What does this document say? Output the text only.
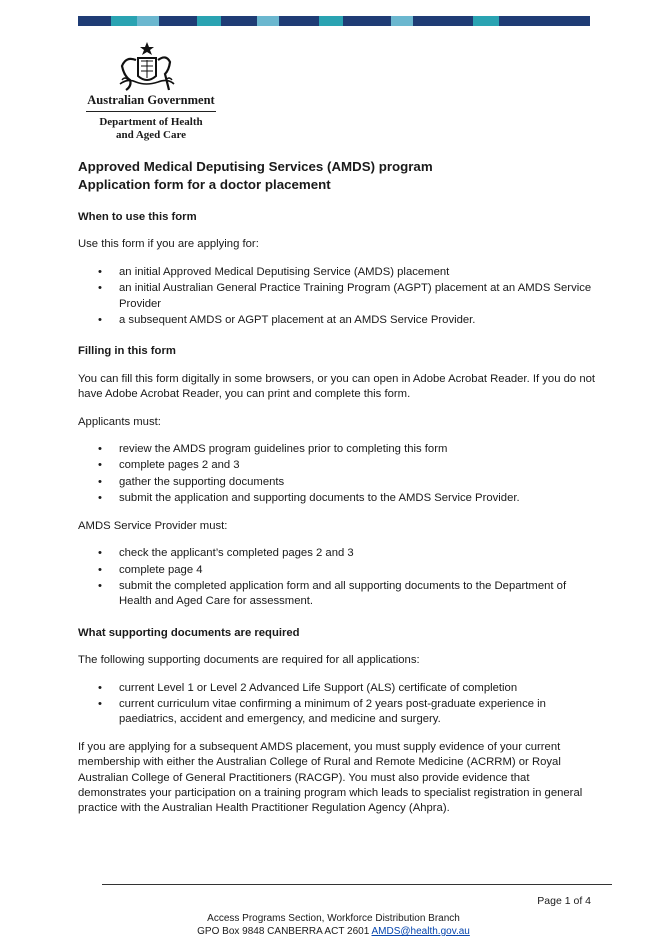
Australian Government
Department of Health
and Aged Care
Approved Medical Deputising Services (AMDS) program
Application form for a doctor placement
When to use this form

Use this form if you are applying for:

• an initial Approved Medical Deputising Service (AMDS) placement
• an initial Australian General Practice Training Program (AGPT) placement at an AMDS Service Provider
• a subsequent AMDS or AGPT placement at an AMDS Service Provider.
Filling in this form

You can fill this form digitally in some browsers, or you can open in Adobe Acrobat Reader. If you do not have Adobe Acrobat Reader, you can print and complete this form.

Applicants must:

• review the AMDS program guidelines prior to completing this form
• complete pages 2 and 3
• gather the supporting documents
• submit the application and supporting documents to the AMDS Service Provider.

AMDS Service Provider must:

• check the applicant’s completed pages 2 and 3
• complete page 4
• submit the completed application form and all supporting documents to the Department of Health and Aged Care for assessment.
What supporting documents are required

The following supporting documents are required for all applications:

• current Level 1 or Level 2 Advanced Life Support (ALS) certificate of completion
• current curriculum vitae confirming a minimum of 2 years post-graduate experience in paediatrics, accident and emergency, and medicine and surgery.

If you are applying for a subsequent AMDS placement, you must supply evidence of your current membership with either the Australian College of Rural and Remote Medicine (ACRRM) or Royal Australian College of General Practitioners (RACGP). You must also provide evidence that demonstrates your participation on a training program which leads to specialist registration in general practice with the Australian Health Practitioner Regulation Agency (Ahpra).

Page 1 of 4
Access Programs Section, Workforce Distribution Branch
GPO Box 9848 CANBERRA ACT 2601 AMDS@health.gov.au
